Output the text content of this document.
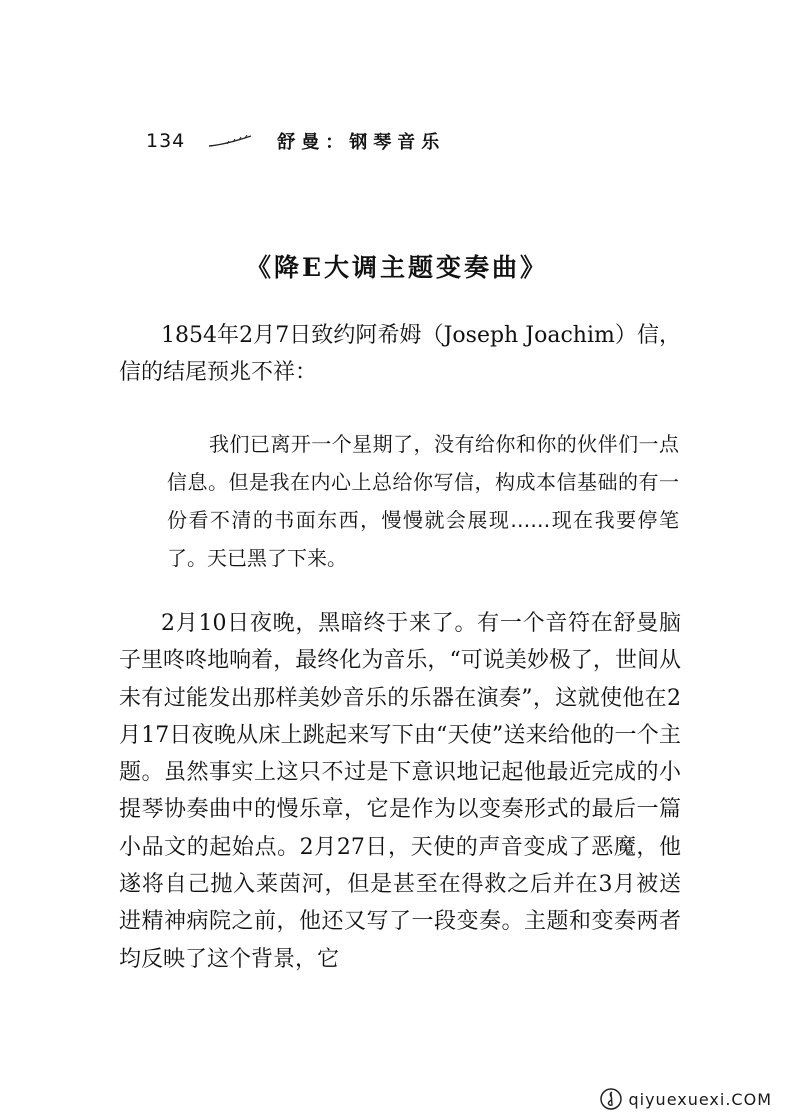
134	舒曼：钢琴音乐
《降E大调主题变奏曲》

1854年2月7日致约阿希姆（Joseph Joachim）信，信的结尾预兆不祥：

我们已离开一个星期了，没有给你和你的伙伴们一点信息。但是我在内心上总给你写信，构成本信基础的有一份看不清的书面东西，慢慢就会展现……现在我要停笔了。天已黑了下来。

2月10日夜晚，黑暗终于来了。有一个音符在舒曼脑子里咚咚地响着，最终化为音乐，“可说美妙极了，世间从未有过能发出那样美妙音乐的乐器在演奏”，这就使他在2月17日夜晚从床上跳起来写下由“天使”送来给他的一个主题。虽然事实上这只不过是下意识地记起他最近完成的小提琴协奏曲中的慢乐章，它是作为以变奏形式的最后一篇小品文的起始点。2月27日，天使的声音变成了恶魔，他遂将自己抛入莱茵河，但是甚至在得救之后并在3月被送进精神病院之前，他还又写了一段变奏。主题和变奏两者均反映了这个背景，它

qiyuexuexi.COM
